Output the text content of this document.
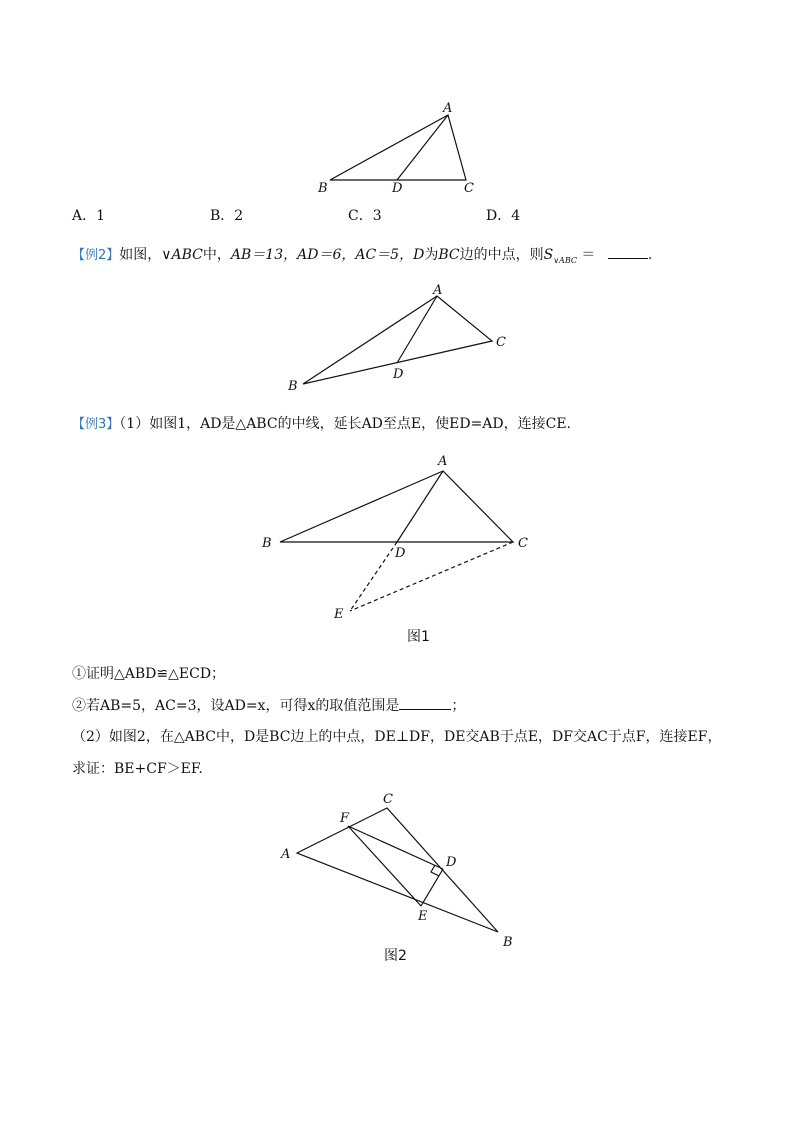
A
B	D	C
A
B
C
D
A
B	C
D
E
图1
A
B
C
D
E
F
图2
A．1	B．2	C．3	D．4
【例2】如图，∨ABC中，AB＝13，AD＝6，AC＝5，D为BC边的中点，则$S_{\vee ABC}$ ＝	.
【例3】（1）如图1，AD是△ABC的中线，延长AD至点E，使ED=AD，连接CE.
①证明△ABD≌△ECD；
②若AB=5，AC=3，设AD=x，可得x的取值范围是	；
（2）如图2，在△ABC中，D是BC边上的中点，DE⊥DF，DE交AB于点E，DF交AC于点F，连接EF，
求证：BE+CF＞EF.
